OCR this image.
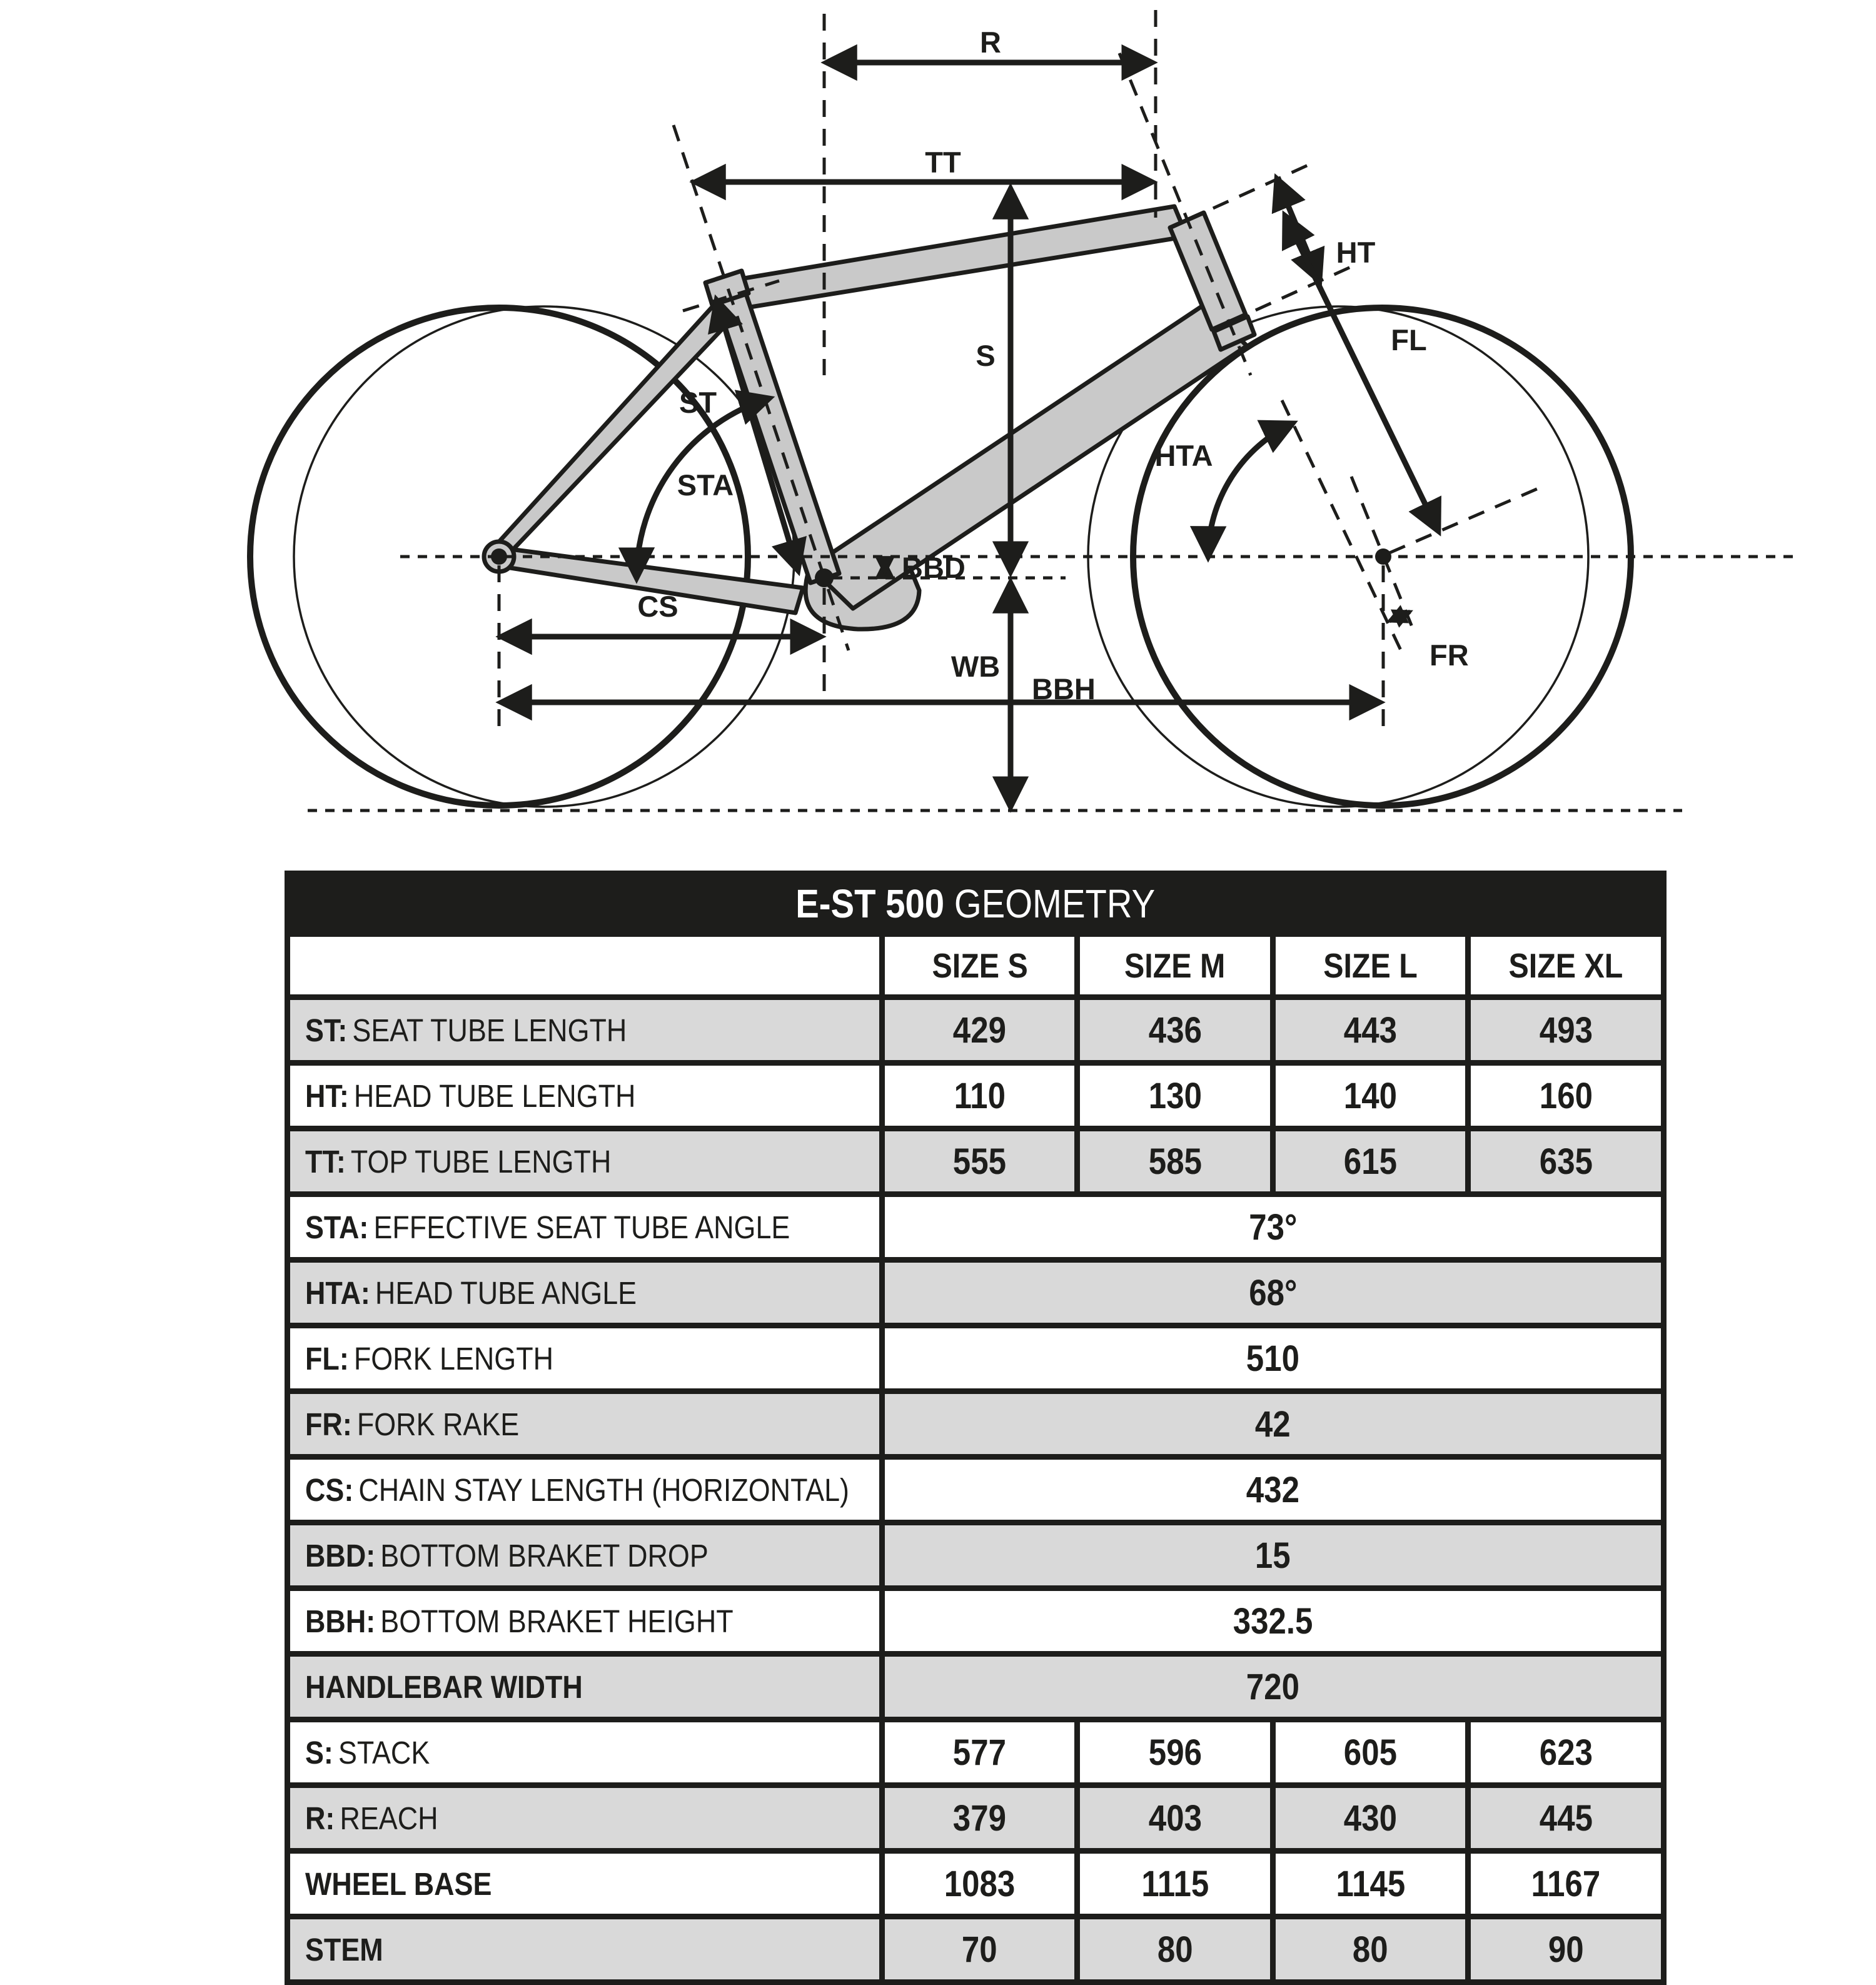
R
TT
HT
FL
S
ST
STA
HTA
BBD
CS
WB
BBH
FR
E-ST 500 GEOMETRY				
	SIZE S	SIZE M	SIZE L	SIZE XL
ST: SEAT TUBE LENGTH	429	436	443	493
HT: HEAD TUBE LENGTH	110	130	140	160
TT: TOP TUBE LENGTH	555	585	615	635
STA: EFFECTIVE SEAT TUBE ANGLE	73°			
HTA: HEAD TUBE ANGLE	68°			
FL: FORK LENGTH	510			
FR: FORK RAKE	42			
CS: CHAIN STAY LENGTH (HORIZONTAL)	432			
BBD: BOTTOM BRAKET DROP	15			
BBH: BOTTOM BRAKET HEIGHT	332.5			
HANDLEBAR WIDTH	720			
S: STACK	577	596	605	623
R: REACH	379	403	430	445
WHEEL BASE	1083	1115	1145	1167
STEM	70	80	80	90
